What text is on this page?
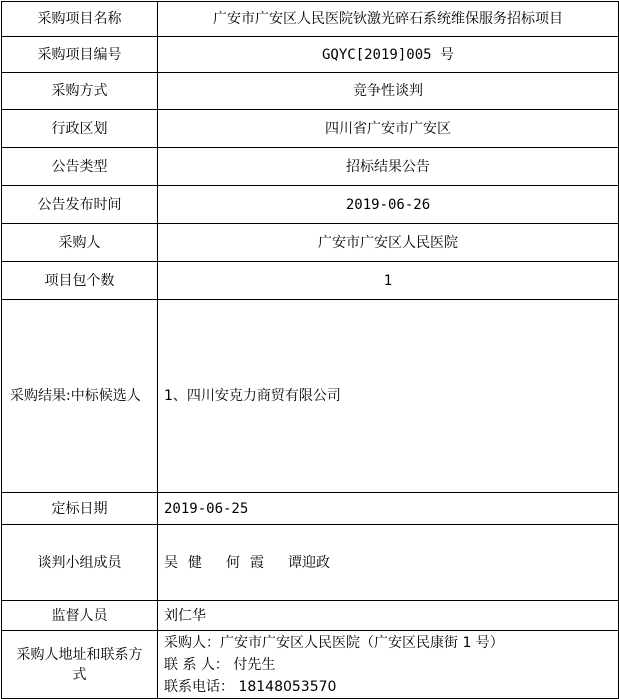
采购项目名称	广安市广安区人民医院钬激光碎石系统维保服务招标项目
采购项目编号	GQYC[2019]005 号
采购方式	竞争性谈判
行政区划	四川省广安市广安区
公告类型	招标结果公告
公告发布时间	2019-06-26
采购人	广安市广安区人民医院
项目包个数	1
采购结果:中标候选人	1、四川安克力商贸有限公司
定标日期	2019-06-25
谈判小组成员	吴 健 何 霞 谭迎政
监督人员	刘仁华
采购人地址和联系方式	采购人：广安市广安区人民医院（广安区民康街 1 号）
联 系 人： 付先生
联系电话： 18148053570
